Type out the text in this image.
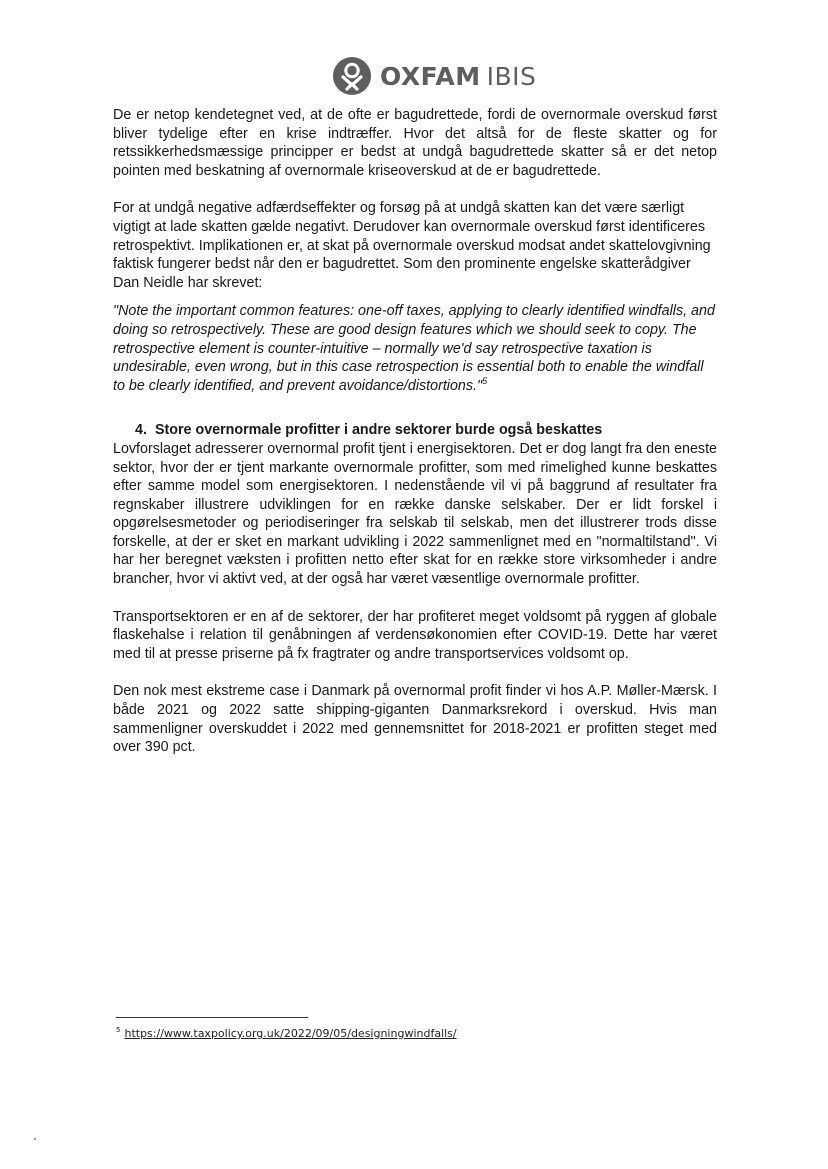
OXFAM IBIS

De er netop kendetegnet ved, at de ofte er bagudrettede, fordi de overnormale overskud først bliver tydelige efter en krise indtræffer. Hvor det altså for de fleste skatter og for retssikkerhedsmæssige principper er bedst at undgå bagudrettede skatter så er det netop pointen med beskatning af overnormale kriseoverskud at de er bagudrettede.

For at undgå negative adfærdseffekter og forsøg på at undgå skatten kan det være særligt vigtigt at lade skatten gælde negativt. Derudover kan overnormale overskud først identificeres retrospektivt. Implikationen er, at skat på overnormale overskud modsat andet skattelovgivning faktisk fungerer bedst når den er bagudrettet. Som den prominente engelske skatterådgiver Dan Neidle har skrevet:

"Note the important common features: one-off taxes, applying to clearly identified windfalls, and doing so retrospectively. These are good design features which we should seek to copy. The retrospective element is counter-intuitive – normally we'd say retrospective taxation is undesirable, even wrong, but in this case retrospection is essential both to enable the windfall to be clearly identified, and prevent avoidance/distortions."$^5$

4. Store overnormale profitter i andre sektorer burde også beskattes

Lovforslaget adresserer overnormal profit tjent i energisektoren. Det er dog langt fra den eneste sektor, hvor der er tjent markante overnormale profitter, som med rimelighed kunne beskattes efter samme model som energisektoren. I nedenstående vil vi på baggrund af resultater fra regnskaber illustrere udviklingen for en række danske selskaber. Der er lidt forskel i opgørelsesmetoder og periodiseringer fra selskab til selskab, men det illustrerer trods disse forskelle, at der er sket en markant udvikling i 2022 sammenlignet med en "normaltilstand". Vi har her beregnet væksten i profitten netto efter skat for en række store virksomheder i andre brancher, hvor vi aktivt ved, at der også har været væsentlige overnormale profitter.

Transportsektoren er en af de sektorer, der har profiteret meget voldsomt på ryggen af globale flaskehalse i relation til genåbningen af verdensøkonomien efter COVID-19. Dette har været med til at presse priserne på fx fragtrater og andre transportservices voldsomt op.

Den nok mest ekstreme case i Danmark på overnormal profit finder vi hos A.P. Møller-Mærsk. I både 2021 og 2022 satte shipping-giganten Danmarksrekord i overskud. Hvis man sammenligner overskuddet i 2022 med gennemsnittet for 2018-2021 er profitten steget med over 390 pct.

$^5$ https://www.taxpolicy.org.uk/2022/09/05/designingwindfalls/
